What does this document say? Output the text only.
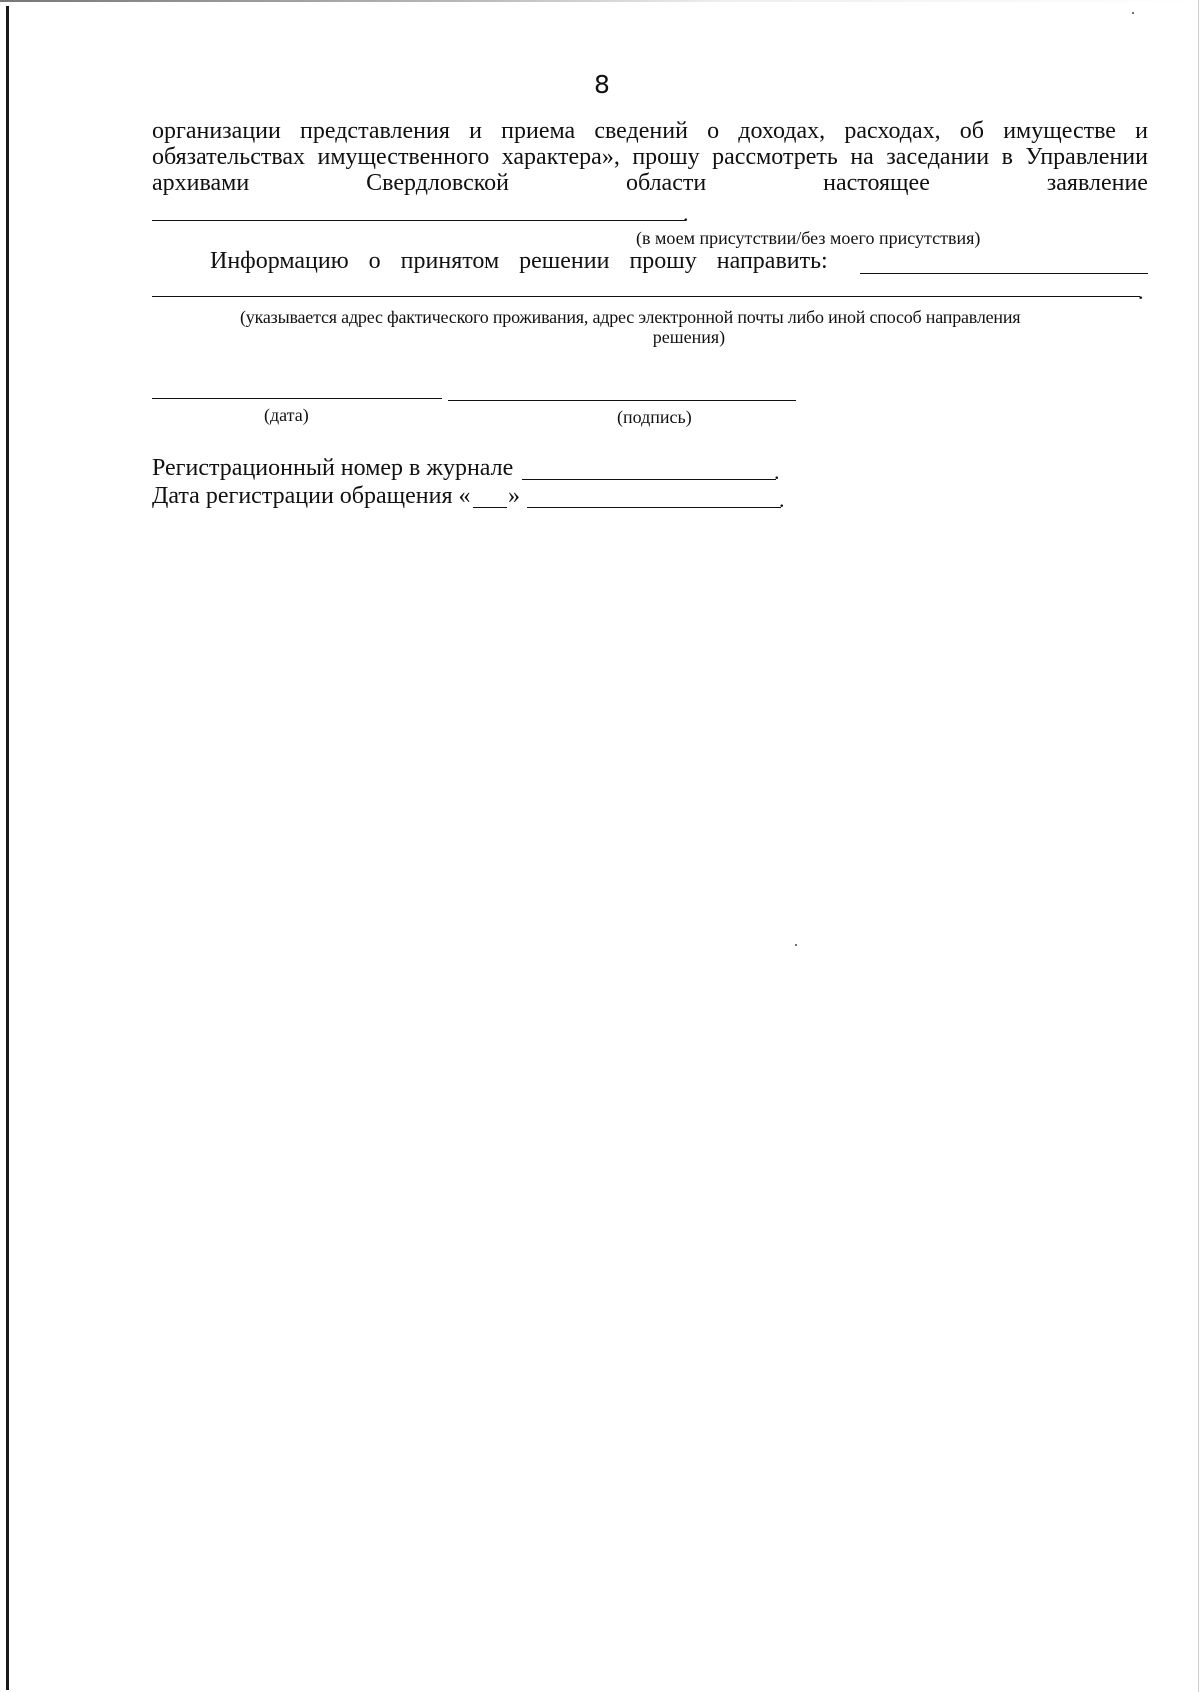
8
организации представления и приема сведений о доходах, расходах, об имуществе и
обязательствах имущественного характера», прошу рассмотреть на заседании в Управлении
архивами	Свердловской	области	настоящее	заявление
.
(в моем присутствии/без моего присутствия)
Информацию о принятом решении прошу направить:
.
(указывается адрес фактического проживания, адрес электронной почты либо иной способ направления
решения)
(дата)	(подпись)
Регистрационный номер в журнале	.
Дата регистрации обращения « »	.
